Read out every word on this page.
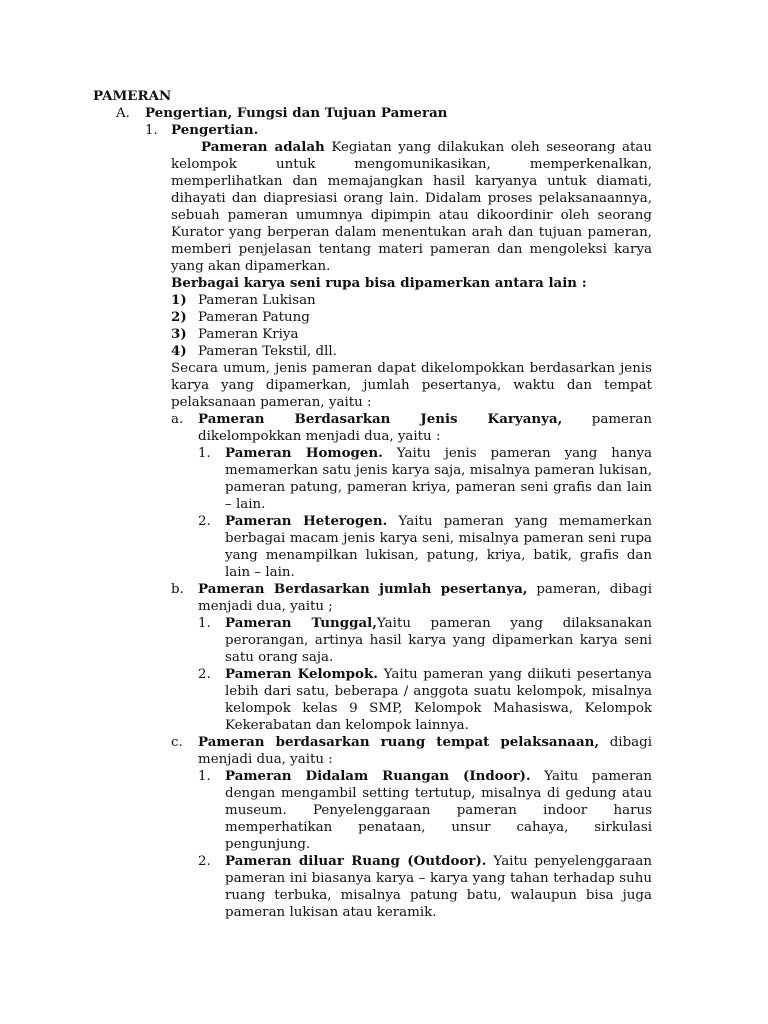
PAMERAN
A. Pengertian, Fungsi dan Tujuan Pameran
1. Pengertian.

Pameran adalah Kegiatan yang dilakukan oleh seseorang atau kelompok untuk mengomunikasikan, memperkenalkan, memperlihatkan dan memajangkan hasil karyanya untuk diamati, dihayati dan diapresiasi orang lain. Didalam proses pelaksanaannya, sebuah pameran umumnya dipimpin atau dikoordinir oleh seorang Kurator yang berperan dalam menentukan arah dan tujuan pameran, memberi penjelasan tentang materi pameran dan mengoleksi karya yang akan dipamerkan.

Berbagai karya seni rupa bisa dipamerkan antara lain :

1) Pameran Lukisan
2) Pameran Patung
3) Pameran Kriya
4) Pameran Tekstil, dll.

Secara umum, jenis pameran dapat dikelompokkan berdasarkan jenis karya yang dipamerkan, jumlah pesertanya, waktu dan tempat pelaksanaan pameran, yaitu :

a. Pameran Berdasarkan Jenis Karyanya, pameran dikelompokkan menjadi dua, yaitu :

1. Pameran Homogen. Yaitu jenis pameran yang hanya memamerkan satu jenis karya saja, misalnya pameran lukisan, pameran patung, pameran kriya, pameran seni grafis dan lain – lain.

2. Pameran Heterogen. Yaitu pameran yang memamerkan berbagai macam jenis karya seni, misalnya pameran seni rupa yang menampilkan lukisan, patung, kriya, batik, grafis dan lain – lain.

b. Pameran Berdasarkan jumlah pesertanya, pameran, dibagi menjadi dua, yaitu ;

1. Pameran Tunggal,Yaitu pameran yang dilaksanakan perorangan, artinya hasil karya yang dipamerkan karya seni satu orang saja.

2. Pameran Kelompok. Yaitu pameran yang diikuti pesertanya lebih dari satu, beberapa / anggota suatu kelompok, misalnya kelompok kelas 9 SMP, Kelompok Mahasiswa, Kelompok Kekerabatan dan kelompok lainnya.

c. Pameran berdasarkan ruang tempat pelaksanaan, dibagi menjadi dua, yaitu :

1. Pameran Didalam Ruangan (Indoor). Yaitu pameran dengan mengambil setting tertutup, misalnya di gedung atau museum. Penyelenggaraan pameran indoor harus memperhatikan penataan, unsur cahaya, sirkulasi pengunjung.

2. Pameran diluar Ruang (Outdoor). Yaitu penyelenggaraan pameran ini biasanya karya – karya yang tahan terhadap suhu ruang terbuka, misalnya patung batu, walaupun bisa juga pameran lukisan atau keramik.
